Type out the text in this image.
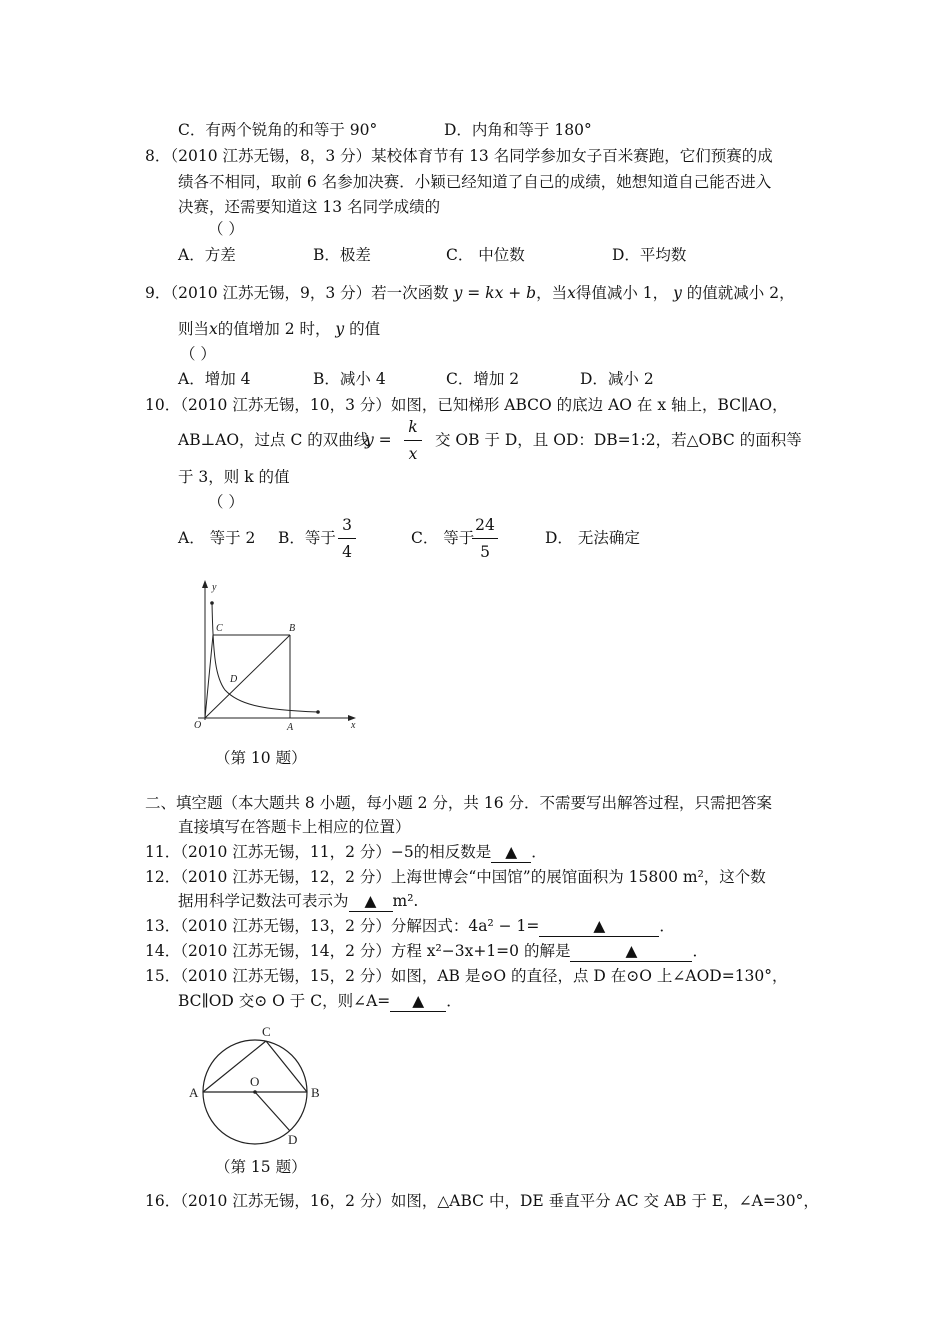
C．有两个锐角的和等于 90°	D．内角和等于 180°
8．（2010 江苏无锡，8，3 分）某校体育节有 13 名同学参加女子百米赛跑，它们预赛的成
绩各不相同，取前 6 名参加决赛．小颖已经知道了自己的成绩，她想知道自己能否进入
决赛，还需要知道这 13 名同学成绩的
（ ）
A．方差	B．极差	C． 中位数	D．平均数
9．（2010 江苏无锡，9，3 分）若一次函数 y = kx + b，当x得值减小 1， y 的值就减小 2，
则当x的值增加 2 时， y 的值
（ ）
A．增加 4	B．减小 4	C．增加 2	D．减小 2
10．（2010 江苏无锡，10，3 分）如图，已知梯形 ABCO 的底边 AO 在 x 轴上，BC∥AO，
AB⊥AO，过点 C 的双曲线
y =
k
x
交 OB 于 D，且 OD：DB=1:2，若△OBC 的面积等
于 3，则 k 的值
（ ）
A． 等于 2 B．等于
3
4
C． 等于
24
5
D． 无法确定
y
C	B
D
O	A	x
（第 10 题）
二、填空题（本大题共 8 小题，每小题 2 分，共 16 分．不需要写出解答过程，只需把答案
直接填写在答题卡上相应的位置）
11．（2010 江苏无锡，11，2 分）−5的相反数是 ▲ ．
12．（2010 江苏无锡，12，2 分）上海世博会“中国馆”的展馆面积为 15800 m²，这个数
据用科学记数法可表示为 ▲ m².
13．（2010 江苏无锡，13，2 分）分解因式：4a² − 1=	▲	．
14．（2010 江苏无锡，14，2 分）方程 x²−3x+1=0 的解是	▲	．
15．（2010 江苏无锡，15，2 分）如图，AB 是⊙O 的直径，点 D 在⊙O 上∠AOD=130°，
BC∥OD 交⊙ O 于 C，则∠A= ▲ ．
C
O
A	B
D
（第 15 题）
16．（2010 江苏无锡，16，2 分）如图，△ABC 中，DE 垂直平分 AC 交 AB 于 E，∠A=30°，
